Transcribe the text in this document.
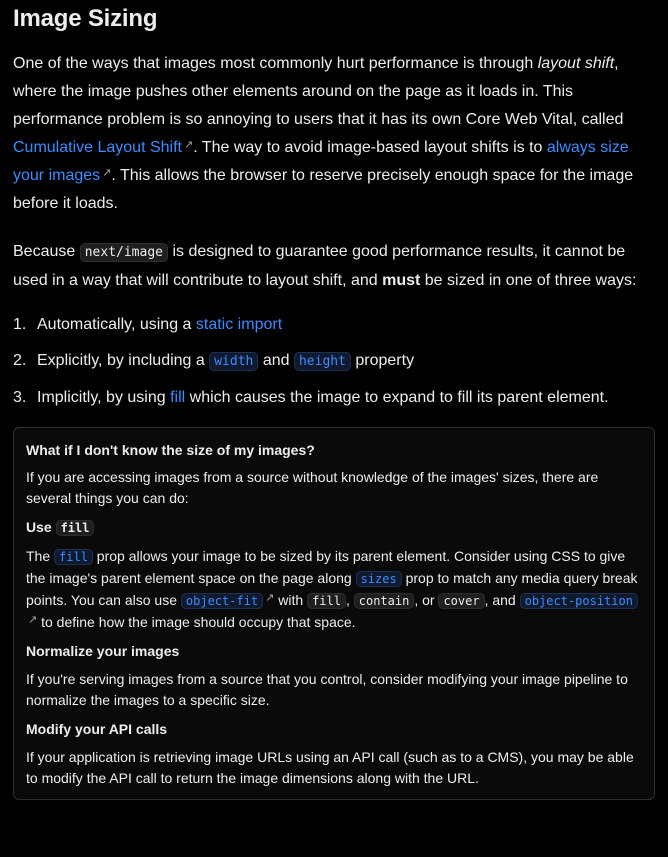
Image Sizing

One of the ways that images most commonly hurt performance is through layout shift, where the image pushes other elements around on the page as it loads in. This performance problem is so annoying to users that it has its own Core Web Vital, called Cumulative Layout Shift ↗. The way to avoid image-based layout shifts is to always size your images ↗. This allows the browser to reserve precisely enough space for the image before it loads.

Because next/image is designed to guarantee good performance results, it cannot be used in a way that will contribute to layout shift, and must be sized in one of three ways:

1. Automatically, using a static import
2. Explicitly, by including a width and height property
3. Implicitly, by using fill which causes the image to expand to fill its parent element.
What if I don't know the size of my images?

If you are accessing images from a source without knowledge of the images' sizes, there are several things you can do:

Use fill

The fill prop allows your image to be sized by its parent element. Consider using CSS to give the image's parent element space on the page along sizes prop to match any media query break points. You can also use object-fit ↗ with fill , contain , or cover , and object-position↗ to define how the image should occupy that space.

Normalize your images

If you're serving images from a source that you control, consider modifying your image pipeline to normalize the images to a specific size.

Modify your API calls

If your application is retrieving image URLs using an API call (such as to a CMS), you may be able to modify the API call to return the image dimensions along with the URL.
